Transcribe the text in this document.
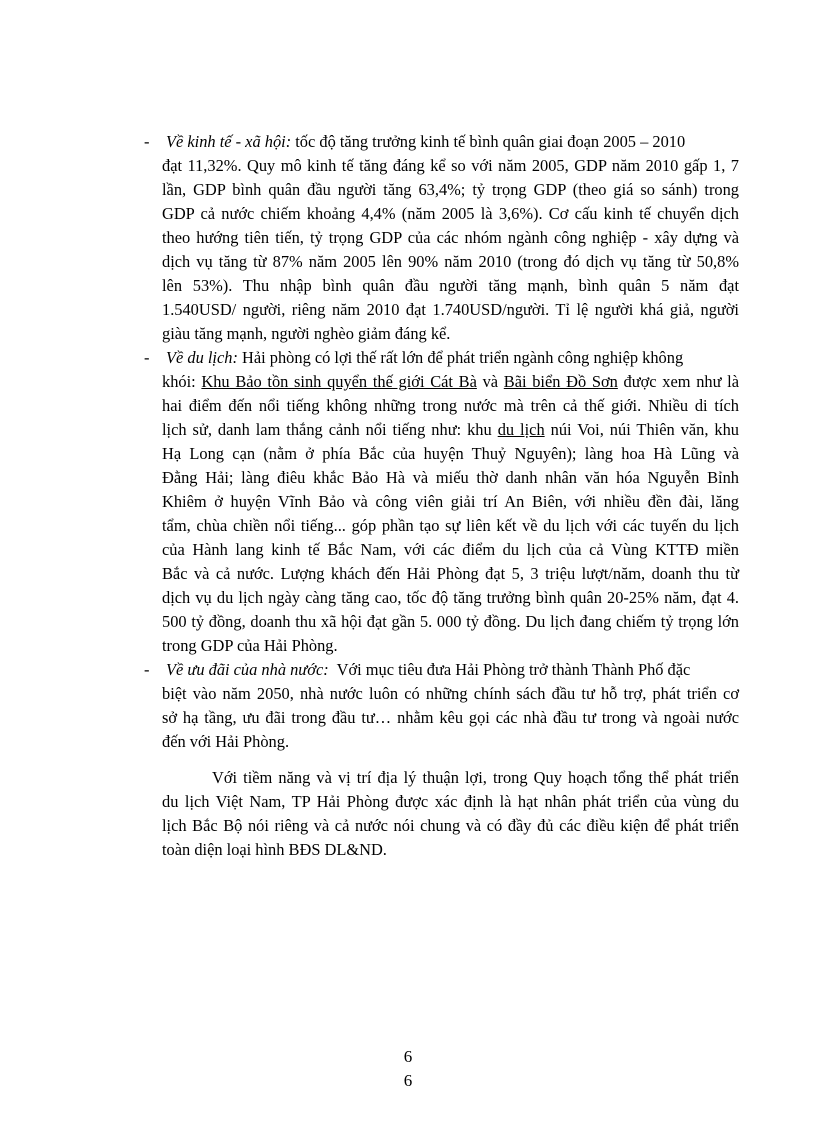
- Về kinh tế - xã hội: tốc độ tăng trưởng kinh tế bình quân giai đoạn 2005 – 2010
đạt 11,32%. Quy mô kinh tế tăng đáng kể so với năm 2005, GDP năm 2010 gấp 1, 7
lần, GDP bình quân đầu người tăng 63,4%; tỷ trọng GDP (theo giá so sánh) trong
GDP cả nước chiếm khoảng 4,4% (năm 2005 là 3,6%). Cơ cấu kinh tế chuyển dịch
theo hướng tiên tiến, tỷ trọng GDP của các nhóm ngành công nghiệp - xây dựng và
dịch vụ tăng từ 87% năm 2005 lên 90% năm 2010 (trong đó dịch vụ tăng từ 50,8%
lên 53%). Thu nhập bình quân đầu người tăng mạnh, bình quân 5 năm đạt
1.540USD/ người, riêng năm 2010 đạt 1.740USD/người. Tỉ lệ người khá giả, người
giàu tăng mạnh, người nghèo giảm đáng kể.
- Về du lịch: Hải phòng có lợi thế rất lớn để phát triển ngành công nghiệp không
khói: Khu Bảo tồn sinh quyển thế giới Cát Bà và Bãi biển Đồ Sơn được xem như là
hai điểm đến nổi tiếng không những trong nước mà trên cả thế giới. Nhiều di tích
lịch sử, danh lam thắng cảnh nổi tiếng như: khu du lịch núi Voi, núi Thiên văn, khu
Hạ Long cạn (nằm ở phía Bắc của huyện Thuỷ Nguyên); làng hoa Hà Lũng và
Đằng Hải; làng điêu khắc Bảo Hà và miếu thờ danh nhân văn hóa Nguyễn Bỉnh
Khiêm ở huyện Vĩnh Bảo và công viên giải trí An Biên, với nhiều đền đài, lăng
tẩm, chùa chiền nổi tiếng... góp phần tạo sự liên kết về du lịch với các tuyến du lịch
của Hành lang kinh tế Bắc Nam, với các điểm du lịch của cả Vùng KTTĐ miền
Bắc và cả nước. Lượng khách đến Hải Phòng đạt 5, 3 triệu lượt/năm, doanh thu từ
dịch vụ du lịch ngày càng tăng cao, tốc độ tăng trưởng bình quân 20-25% năm, đạt 4.
500 tỷ đồng, doanh thu xã hội đạt gần 5. 000 tỷ đồng. Du lịch đang chiếm tỷ trọng lớn
trong GDP của Hải Phòng.
- Về ưu đãi của nhà nước:  Với mục tiêu đưa Hải Phòng trở thành Thành Phố đặc
biệt vào năm 2050, nhà nước luôn có những chính sách đầu tư hỗ trợ, phát triển cơ
sở hạ tầng, ưu đãi trong đầu tư… nhằm kêu gọi các nhà đầu tư trong và ngoài nước
đến với Hải Phòng.
Với tiềm năng và vị trí địa lý thuận lợi, trong Quy hoạch tổng thể phát triển
du lịch Việt Nam, TP Hải Phòng được xác định là hạt nhân phát triển của vùng du
lịch Bắc Bộ nói riêng và cả nước nói chung và có đầy đủ các điều kiện để phát triển
toàn diện loại hình BĐS DL&ND.
6
6
